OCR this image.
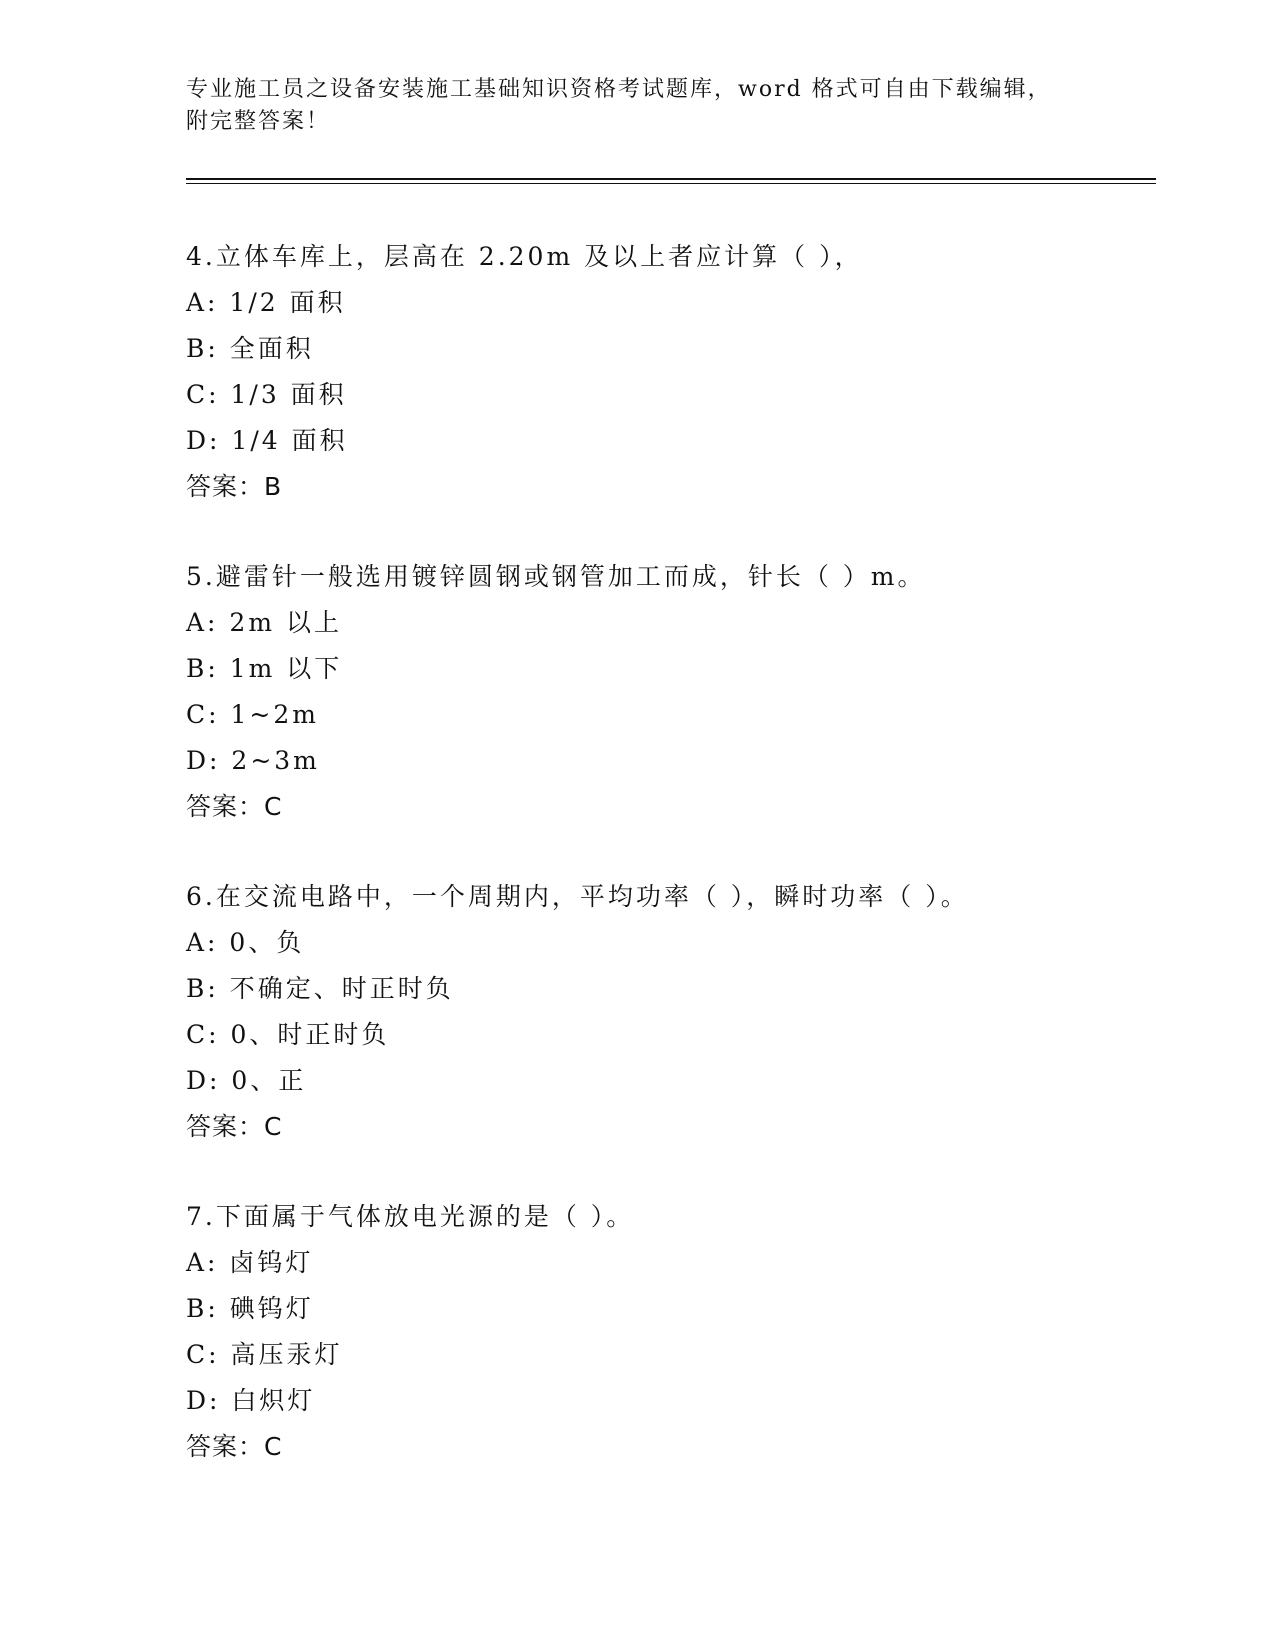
专业施工员之设备安装施工基础知识资格考试题库，word 格式可自由下载编辑，
附完整答案！
4.立体车库上，层高在 2.20m 及以上者应计算（ ），
A: 1/2 面积
B: 全面积
C: 1/3 面积
D: 1/4 面积
答案：B
5.避雷针一般选用镀锌圆钢或钢管加工而成，针长（ ）m。
A: 2m 以上
B: 1m 以下
C: 1~2m
D: 2~3m
答案：C
6.在交流电路中，一个周期内，平均功率（ ），瞬时功率（ ）。
A: 0、负
B: 不确定、时正时负
C: 0、时正时负
D: 0、正
答案：C
7.下面属于气体放电光源的是（ ）。
A: 卤钨灯
B: 碘钨灯
C: 高压汞灯
D: 白炽灯
答案：C
